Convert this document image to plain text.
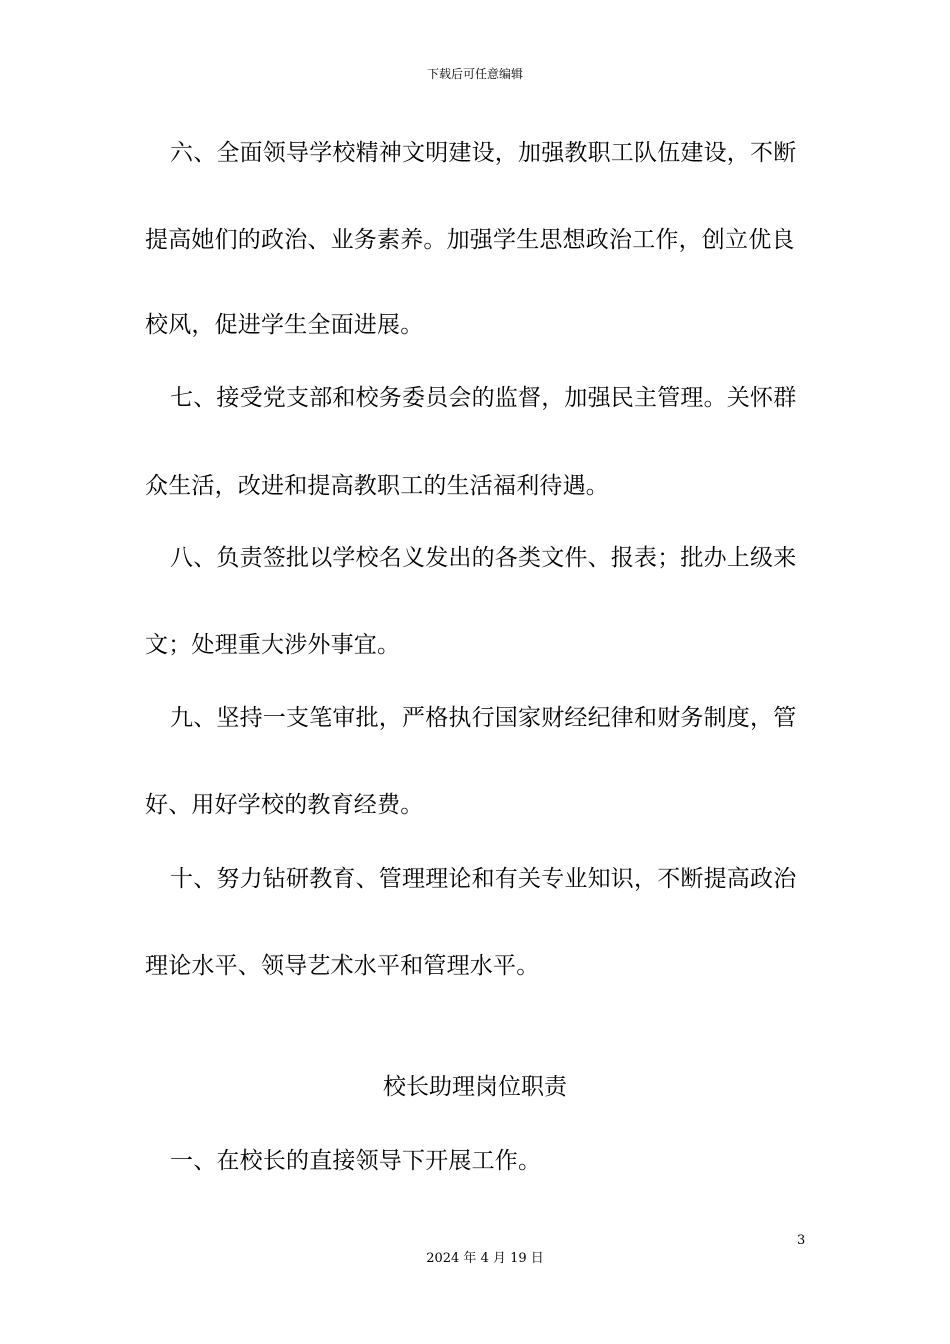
下载后可任意编辑
六、全面领导学校精神文明建设，加强教职工队伍建设，不断
提高她们的政治、业务素养。加强学生思想政治工作，创立优良
校风，促进学生全面进展。
七、接受党支部和校务委员会的监督，加强民主管理。关怀群
众生活，改进和提高教职工的生活福利待遇。
八、负责签批以学校名义发出的各类文件、报表；批办上级来
文；处理重大涉外事宜。
九、坚持一支笔审批，严格执行国家财经纪律和财务制度，管
好、用好学校的教育经费。
十、努力钻研教育、管理理论和有关专业知识，不断提高政治
理论水平、领导艺术水平和管理水平。
校长助理岗位职责
一、在校长的直接领导下开展工作。
3
2024 年 4 月 19 日
